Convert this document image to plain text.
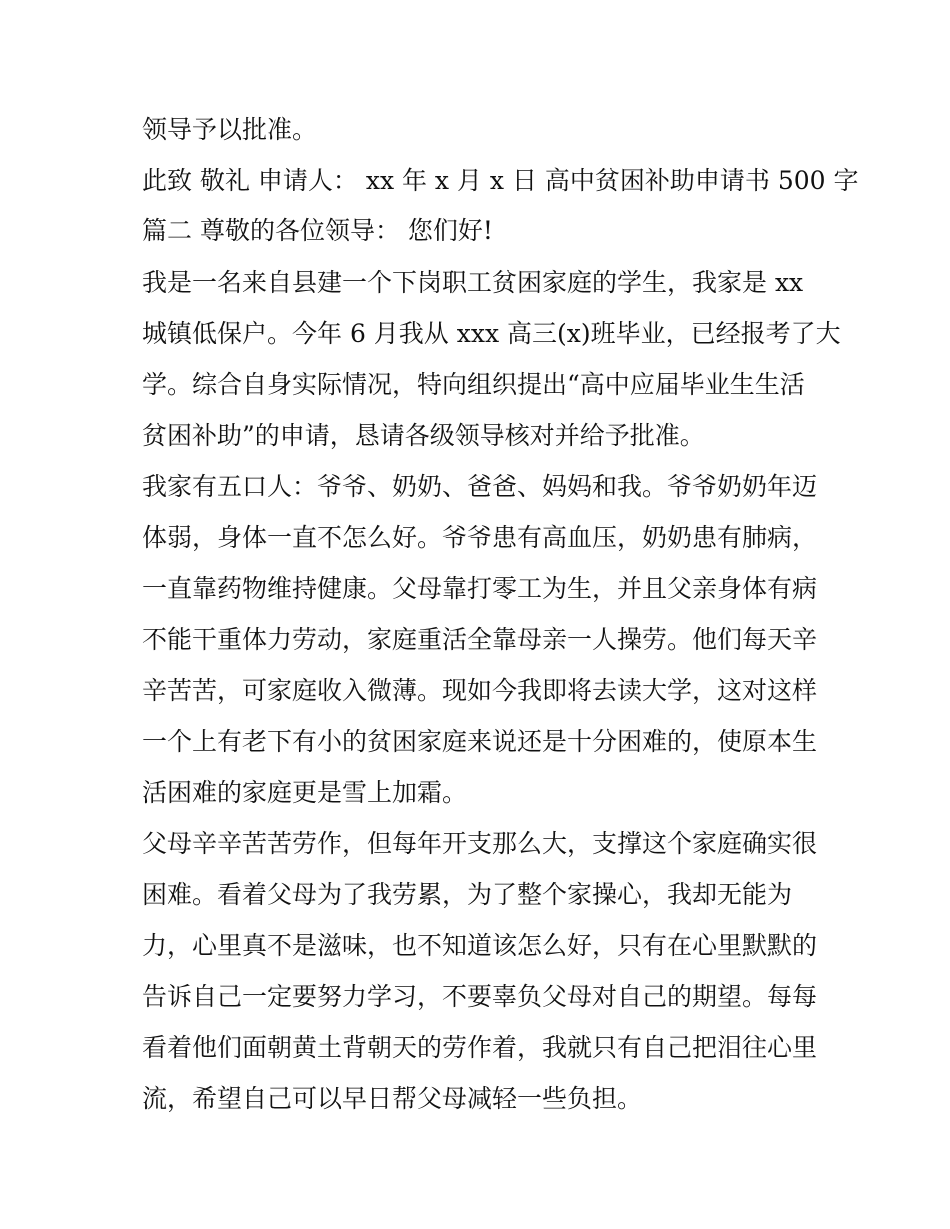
领导予以批准。
此致 敬礼 申请人： xx 年 x 月 x 日 高中贫困补助申请书 500 字
篇二 尊敬的各位领导： 您们好!
我是一名来自县建一个下岗职工贫困家庭的学生，我家是 xx
城镇低保户。今年 6 月我从 xxx 高三(x)班毕业，已经报考了大
学。综合自身实际情况，特向组织提出“高中应届毕业生生活
贫困补助”的申请，恳请各级领导核对并给予批准。
我家有五口人：爷爷、奶奶、爸爸、妈妈和我。爷爷奶奶年迈
体弱，身体一直不怎么好。爷爷患有高血压，奶奶患有肺病，
一直靠药物维持健康。父母靠打零工为生，并且父亲身体有病
不能干重体力劳动，家庭重活全靠母亲一人操劳。他们每天辛
辛苦苦，可家庭收入微薄。现如今我即将去读大学，这对这样
一个上有老下有小的贫困家庭来说还是十分困难的，使原本生
活困难的家庭更是雪上加霜。
父母辛辛苦苦劳作，但每年开支那么大，支撑这个家庭确实很
困难。看着父母为了我劳累，为了整个家操心，我却无能为
力，心里真不是滋味，也不知道该怎么好，只有在心里默默的
告诉自己一定要努力学习，不要辜负父母对自己的期望。每每
看着他们面朝黄土背朝天的劳作着，我就只有自己把泪往心里
流，希望自己可以早日帮父母减轻一些负担。
